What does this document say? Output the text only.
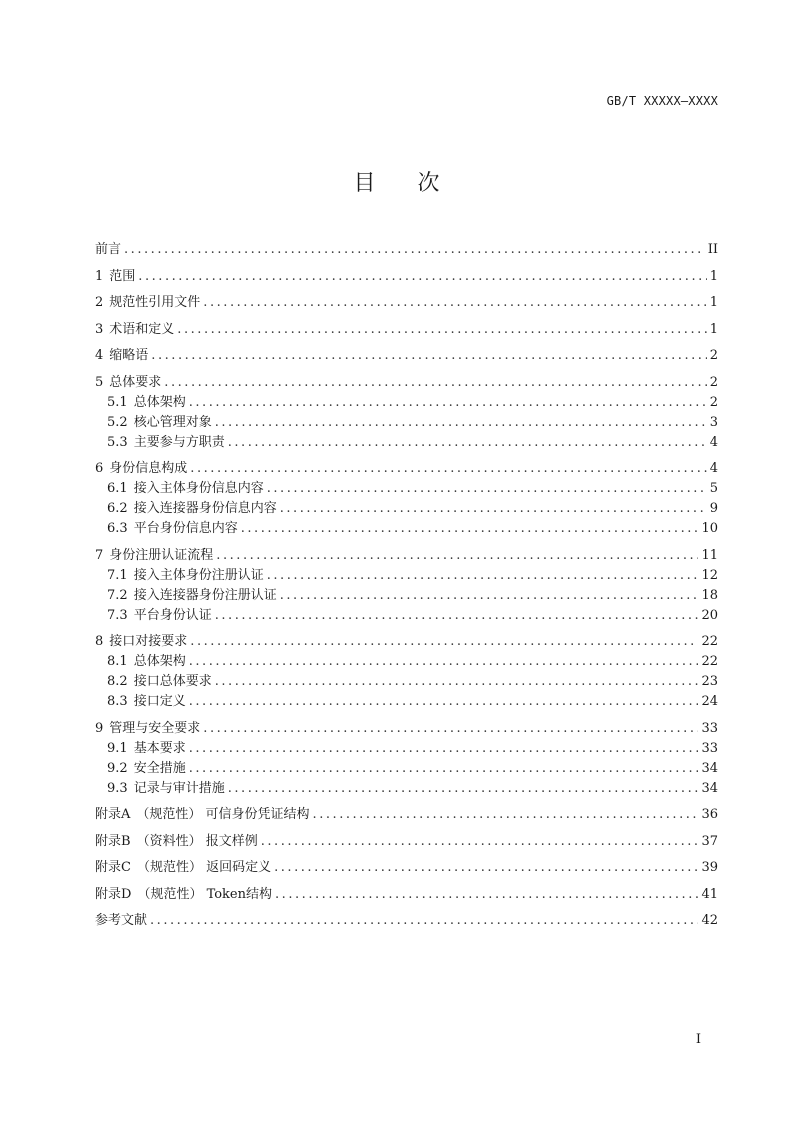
GB/T XXXXX—XXXX
目次
前言 . . .	II
1 范围 . . .	1
2 规范性引用文件 . . .	1
3 术语和定义 . . .	1
4 缩略语 . . .	2
5 总体要求 . . .	2
5.1 总体架构 . . .	2
5.2 核心管理对象 . . .	3
5.3 主要参与方职责 . . .	4
6 身份信息构成 . . .	4
6.1 接入主体身份信息内容 . . .	5
6.2 接入连接器身份信息内容 . . .	9
6.3 平台身份信息内容 . . .	10
7 身份注册认证流程 . . .	11
7.1 接入主体身份注册认证 . . .	12
7.2 接入连接器身份注册认证 . . .	18
7.3 平台身份认证 . . .	20
8 接口对接要求 . . .	22
8.1 总体架构 . . .	22
8.2 接口总体要求 . . .	23
8.3 接口定义 . . .	24
9 管理与安全要求 . . .	33
9.1 基本要求 . . .	33
9.2 安全措施 . . .	34
9.3 记录与审计措施 . . .	34
附录A （规范性） 可信身份凭证结构 . . .	36
附录B （资料性） 报文样例 . . .	37
附录C （规范性） 返回码定义 . . .	39
附录D （规范性） Token结构 . . .	41
参考文献 . . .	42
I
